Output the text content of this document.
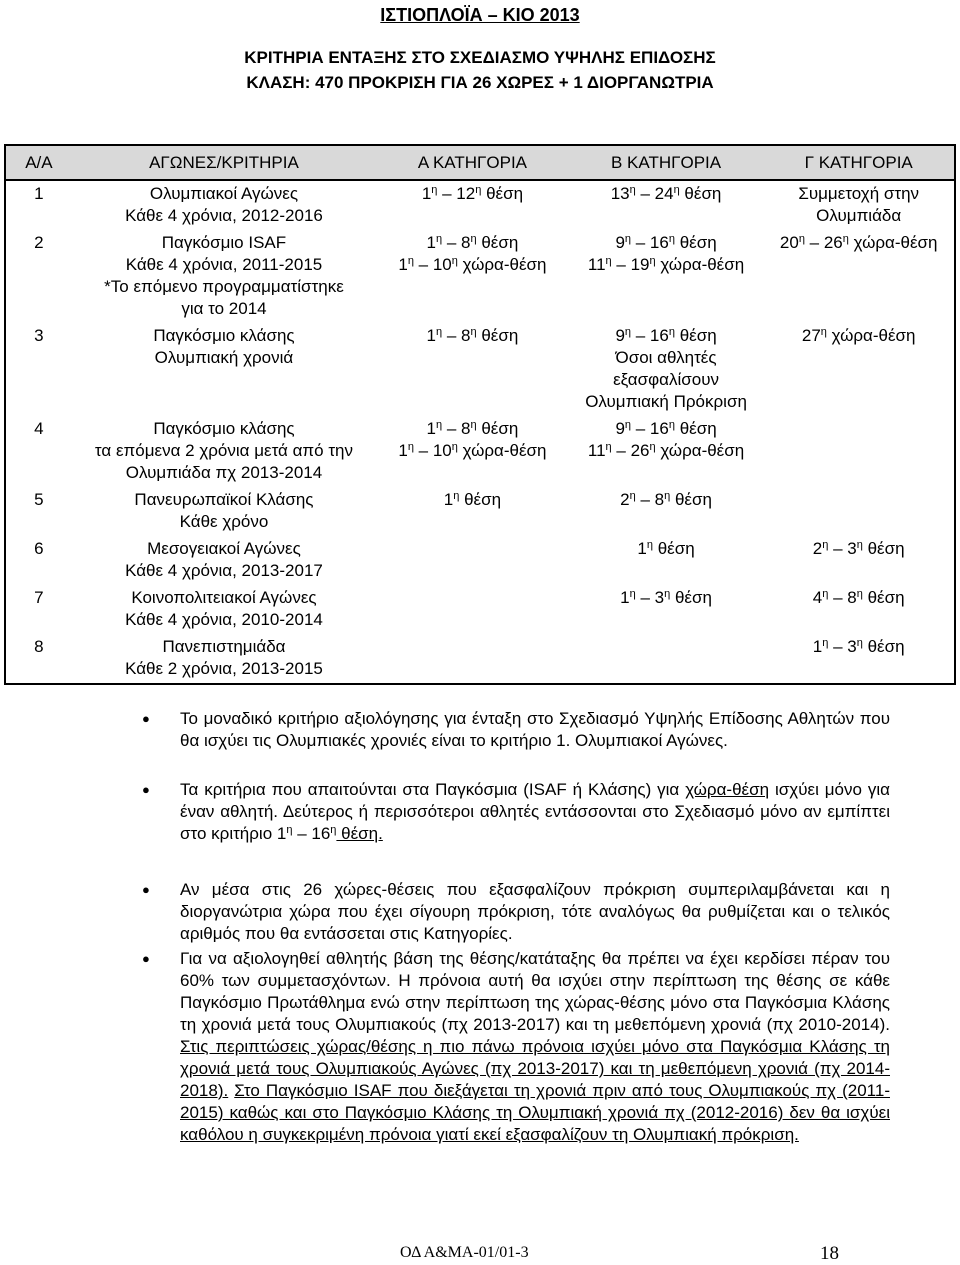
ΙΣΤΙΟΠΛΟΪΑ – ΚΙΟ 2013
ΚΡΙΤΗΡΙΑ ΕΝΤΑΞΗΣ ΣΤΟ ΣΧΕΔΙΑΣΜΟ ΥΨΗΛΗΣ ΕΠΙΔΟΣΗΣ
ΚΛΑΣΗ: 470 ΠΡΟΚΡΙΣΗ ΓΙΑ 26 ΧΩΡΕΣ + 1 ΔΙΟΡΓΑΝΩΤΡΙΑ
Α/Α	ΑΓΩΝΕΣ/ΚΡΙΤΗΡΙΑ	Α ΚΑΤΗΓΟΡΙΑ	Β ΚΑΤΗΓΟΡΙΑ	Γ ΚΑΤΗΓΟΡΙΑ
1	Ολυμπιακοί Αγώνες
Κάθε 4 χρόνια, 2012-2016	$1^\eta - 12^\eta$ θέση	$13^\eta - 24^\eta$ θέση	Συμμετοχή στην
Ολυμπιάδα
2	Παγκόσμιο ISAF
Κάθε 4 χρόνια, 2011-2015
*Το επόμενο προγραμματίστηκε
για το 2014	$1^\eta - 8^\eta$ θέση
$1^\eta - 10^\eta$ χώρα-θέση	$9^\eta - 16^\eta$ θέση
$11^\eta - 19^\eta$ χώρα-θέση	$20^\eta - 26^\eta$ χώρα-θέση
3	Παγκόσμιο κλάσης
Ολυμπιακή χρονιά	$1^\eta - 8^\eta$ θέση	$9^\eta - 16^\eta$ θέση
Όσοι αθλητές εξασφαλίσουν
Ολυμπιακή Πρόκριση	$27^\eta$ χώρα-θέση
4	Παγκόσμιο κλάσης
τα επόμενα 2 χρόνια μετά από την
Ολυμπιάδα πχ 2013-2014	$1^\eta - 8^\eta$ θέση
$1^\eta - 10^\eta$ χώρα-θέση	$9^\eta - 16^\eta$ θέση
$11^\eta - 26^\eta$ χώρα-θέση	
5	Πανευρωπαϊκοί Κλάσης
Κάθε χρόνο	$1^\eta$ θέση	$2^\eta - 8^\eta$ θέση	
6	Μεσογειακοί Αγώνες
Κάθε 4 χρόνια, 2013-2017		$1^\eta$ θέση	$2^\eta - 3^\eta$ θέση
7	Κοινοπολιτειακοί Αγώνες
Κάθε 4 χρόνια, 2010-2014		$1^\eta - 3^\eta$ θέση	$4^\eta - 8^\eta$ θέση
8	Πανεπιστημιάδα
Κάθε 2 χρόνια, 2013-2015			$1^\eta - 3^\eta$ θέση
● Το μοναδικό κριτήριο αξιολόγησης για ένταξη στο Σχεδιασμό Υψηλής Επίδοσης Αθλητών που θα ισχύει τις Ολυμπιακές χρονιές είναι το κριτήριο 1. Ολυμπιακοί Αγώνες.
● Τα κριτήρια που απαιτούνται στα Παγκόσμια (ISAF ή Κλάσης) για χώρα-θέση ισχύει μόνο για έναν αθλητή. Δεύτερος ή περισσότεροι αθλητές εντάσσονται στο Σχεδιασμό μόνο αν εμπίπτει στο κριτήριο $1^\eta - 16^\eta$ θέση.
● Αν μέσα στις 26 χώρες-θέσεις που εξασφαλίζουν πρόκριση συμπεριλαμβάνεται και η διοργανώτρια χώρα που έχει σίγουρη πρόκριση, τότε αναλόγως θα ρυθμίζεται και ο τελικός αριθμός που θα εντάσσεται στις Κατηγορίες.
● Για να αξιολογηθεί αθλητής βάση της θέσης/κατάταξης θα πρέπει να έχει κερδίσει πέραν του 60% των συμμετασχόντων. Η πρόνοια αυτή θα ισχύει στην περίπτωση της θέσης σε κάθε Παγκόσμιο Πρωτάθλημα ενώ στην περίπτωση της χώρας-θέσης μόνο στα Παγκόσμια Κλάσης τη χρονιά μετά τους Ολυμπιακούς (πχ 2013-2017) και τη μεθεπόμενη χρονιά (πχ 2010-2014). Στις περιπτώσεις χώρας/θέσης η πιο πάνω πρόνοια ισχύει μόνο στα Παγκόσμια Κλάσης τη χρονιά μετά τους Ολυμπιακούς Αγώνες (πχ 2013-2017) και τη μεθεπόμενη χρονιά (πχ 2014-2018). Στο Παγκόσμιο ISAF που διεξάγεται τη χρονιά πριν από τους Ολυμπιακούς πχ (2011-2015) καθώς και στο Παγκόσμιο Κλάσης τη Ολυμπιακή χρονιά πχ (2012-2016) δεν θα ισχύει καθόλου η συγκεκριμένη πρόνοια γιατί εκεί εξασφαλίζουν τη Ολυμπιακή πρόκριση.
ΟΔ Α&ΜΑ-01/01-3	18
